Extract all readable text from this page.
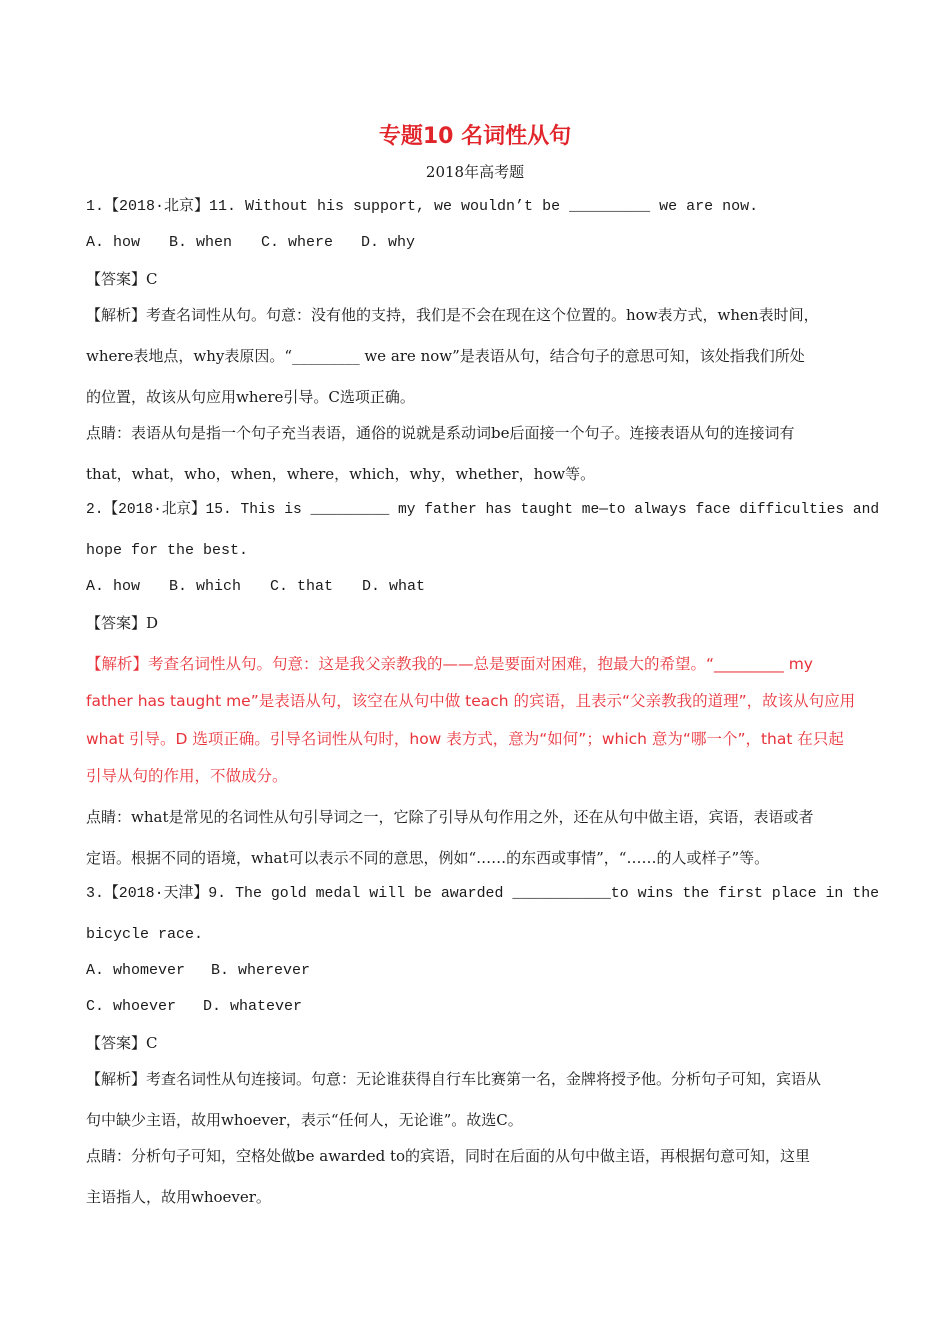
专题10 名词性从句
2018年高考题
1.【2018·北京】11. Without his support, we wouldn’t be _________ we are now.
A. how B. when C. where D. why
【答案】C
【解析】考查名词性从句。句意：没有他的支持，我们是不会在现在这个位置的。how表方式，when表时间，
where表地点，why表原因。“_________ we are now”是表语从句，结合句子的意思可知，该处指我们所处
的位置，故该从句应用where引导。C选项正确。
点睛：表语从句是指一个句子充当表语，通俗的说就是系动词be后面接一个句子。连接表语从句的连接词有
that，what，who，when，where，which，why，whether，how等。
2.【2018·北京】15. This is _________ my father has taught me—to always face difficulties and
hope for the best.
A. how B. which C. that D. what
【答案】D
【解析】考查名词性从句。句意：这是我父亲教我的——总是要面对困难，抱最大的希望。“_________ my
father has taught me”是表语从句，该空在从句中做 teach 的宾语，且表示“父亲教我的道理”，故该从句应用
what 引导。D 选项正确。引导名词性从句时，how 表方式，意为“如何”；which 意为“哪一个”，that 在只起
引导从句的作用，不做成分。
点睛：what是常见的名词性从句引导词之一，它除了引导从句作用之外，还在从句中做主语，宾语，表语或者
定语。根据不同的语境，what可以表示不同的意思，例如“……的东西或事情”，“……的人或样子”等。
3.【2018·天津】9. The gold medal will be awarded ___________to wins the first place in the
bicycle race.
A. whomever B. wherever
C. whoever D. whatever
【答案】C
【解析】考查名词性从句连接词。句意：无论谁获得自行车比赛第一名，金牌将授予他。分析句子可知，宾语从
句中缺少主语，故用whoever，表示“任何人，无论谁”。故选C。
点睛：分析句子可知，空格处做be awarded to的宾语，同时在后面的从句中做主语，再根据句意可知，这里
主语指人，故用whoever。
